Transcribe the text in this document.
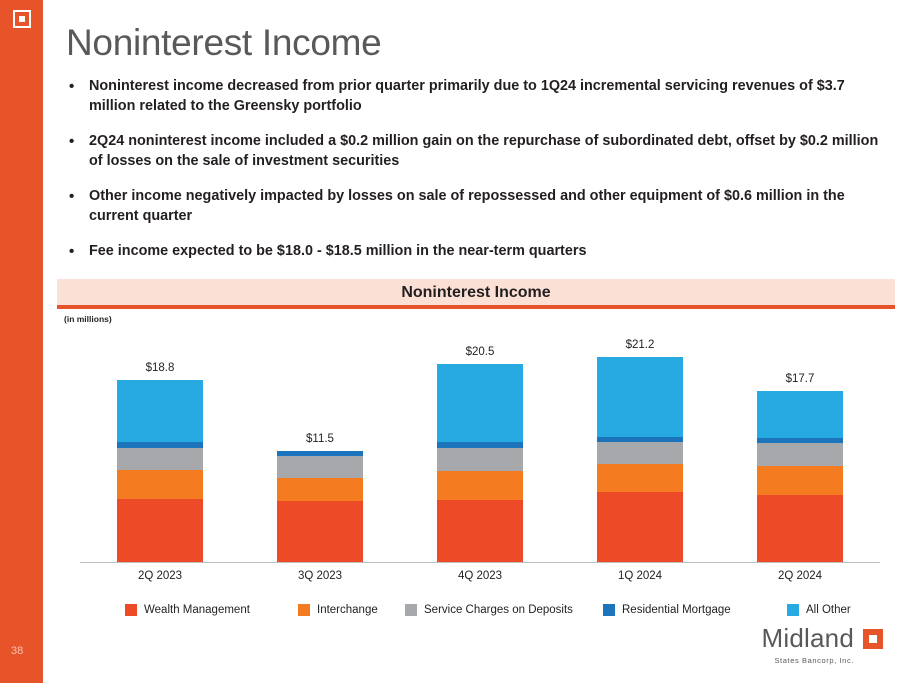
38
Noninterest Income
• Noninterest income decreased from prior quarter primarily due to 1Q24 incremental servicing revenues of $3.7 million related to the Greensky portfolio
• 2Q24 noninterest income included a $0.2 million gain on the repurchase of subordinated debt, offset by $0.2 million of losses on the sale of investment securities
• Other income negatively impacted by losses on sale of repossessed and other equipment of $0.6 million in the current quarter
• Fee income expected to be $18.0 - $18.5 million in the near-term quarters
Noninterest Income
(in millions)
$18.8
$11.5
$20.5
$21.2
$17.7
2Q 2023	3Q 2023	4Q 2023	1Q 2024	2Q 2024
Wealth Management	Interchange	Service Charges on Deposits	Residential Mortgage	All Other
Midland
States Bancorp, Inc.
